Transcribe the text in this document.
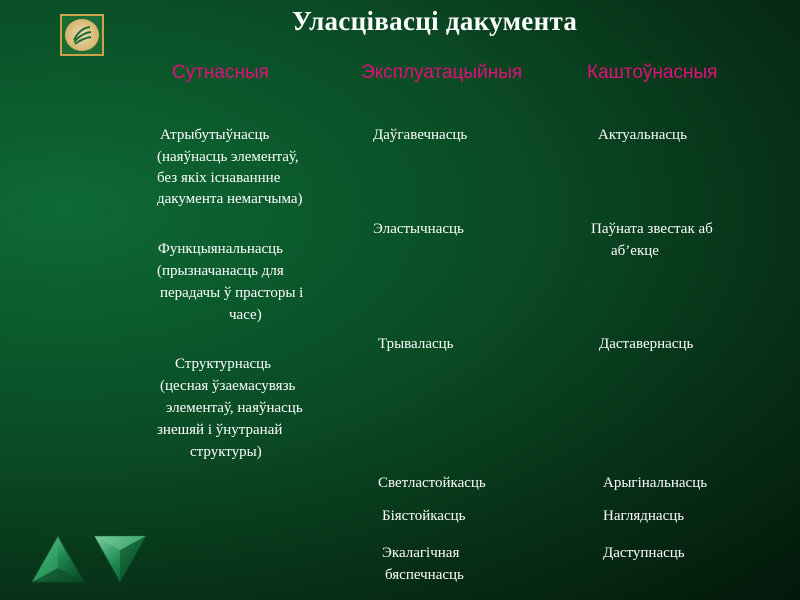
Уласцівасці дакумента
Сутнасныя	Эксплуатацыйныя	Каштоўнасныя
Атрыбутыўнасць
(наяўнасць элементаў,
без якіх існаваннне
дакумента немагчыма)
Функцыянальнасць
(прызначанасць для
перадачы ў прасторы і
часе)
Структурнасць
(цесная ўзаемасувязь
элементаў, наяўнасць
знешяй і ўнутранай
структуры)
Даўгавечнасць
Эластычнасць
Трываласць
Светластойкасць
Біястойкасць
Экалагічная
бяспечнасць
Актуальнасць
Паўната звестак аб
аб’екце
Даставернасць
Арыгінальнасць
Нагляднасць
Даступнасць
